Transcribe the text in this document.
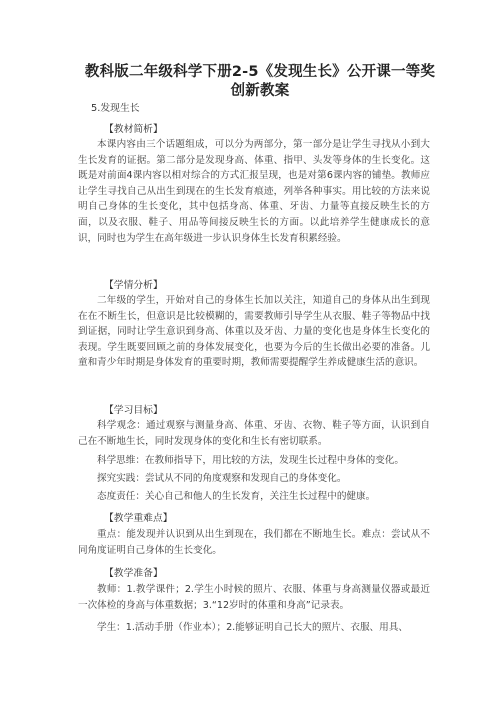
教科版二年级科学下册2-5《发现生长》公开课一等奖创新教案
5.发现生长
【教材简析】
本课内容由三个话题组成，可以分为两部分，第一部分是让学生寻找从小到大生长发育的证据。第二部分是发现身高、体重、指甲、头发等身体的生长变化。这既是对前面4课内容以相对综合的方式汇报呈现，也是对第6课内容的铺垫。教师应让学生寻找自己从出生到现在的生长发育痕迹，列举各种事实。用比较的方法来说明自己身体的生长变化，其中包括身高、体重、牙齿、力量等直接反映生长的方面，以及衣服、鞋子、用品等间接反映生长的方面。以此培养学生健康成长的意识，同时也为学生在高年级进一步认识身体生长发育积累经验。
【学情分析】
二年级的学生，开始对自己的身体生长加以关注，知道自己的身体从出生到现在在不断生长，但意识是比较模糊的，需要教师引导学生从衣服、鞋子等物品中找到证据，同时让学生意识到身高、体重以及牙齿、力量的变化也是身体生长变化的表现。学生既要回顾之前的身体发展变化，也要为今后的生长做出必要的准备。儿童和青少年时期是身体发育的重要时期，教师需要提醒学生养成健康生活的意识。
【学习目标】
科学观念：通过观察与测量身高、体重、牙齿、衣物、鞋子等方面，认识到自己在不断地生长，同时发现身体的变化和生长有密切联系。
科学思维：在教师指导下，用比较的方法，发现生长过程中身体的变化。
探究实践：尝试从不同的角度观察和发现自己的身体变化。
态度责任：关心自己和他人的生长发育，关注生长过程中的健康。
【教学重难点】
重点：能发现并认识到从出生到现在，我们都在不断地生长。难点：尝试从不同角度证明自己身体的生长变化。
【教学准备】
教师：1.教学课件；2.学生小时候的照片、衣服、体重与身高测量仪器或最近一次体检的身高与体重数据；3.“12岁时的体重和身高”记录表。
学生：1.活动手册（作业本）；2.能够证明自己长大的照片、衣服、用具、
